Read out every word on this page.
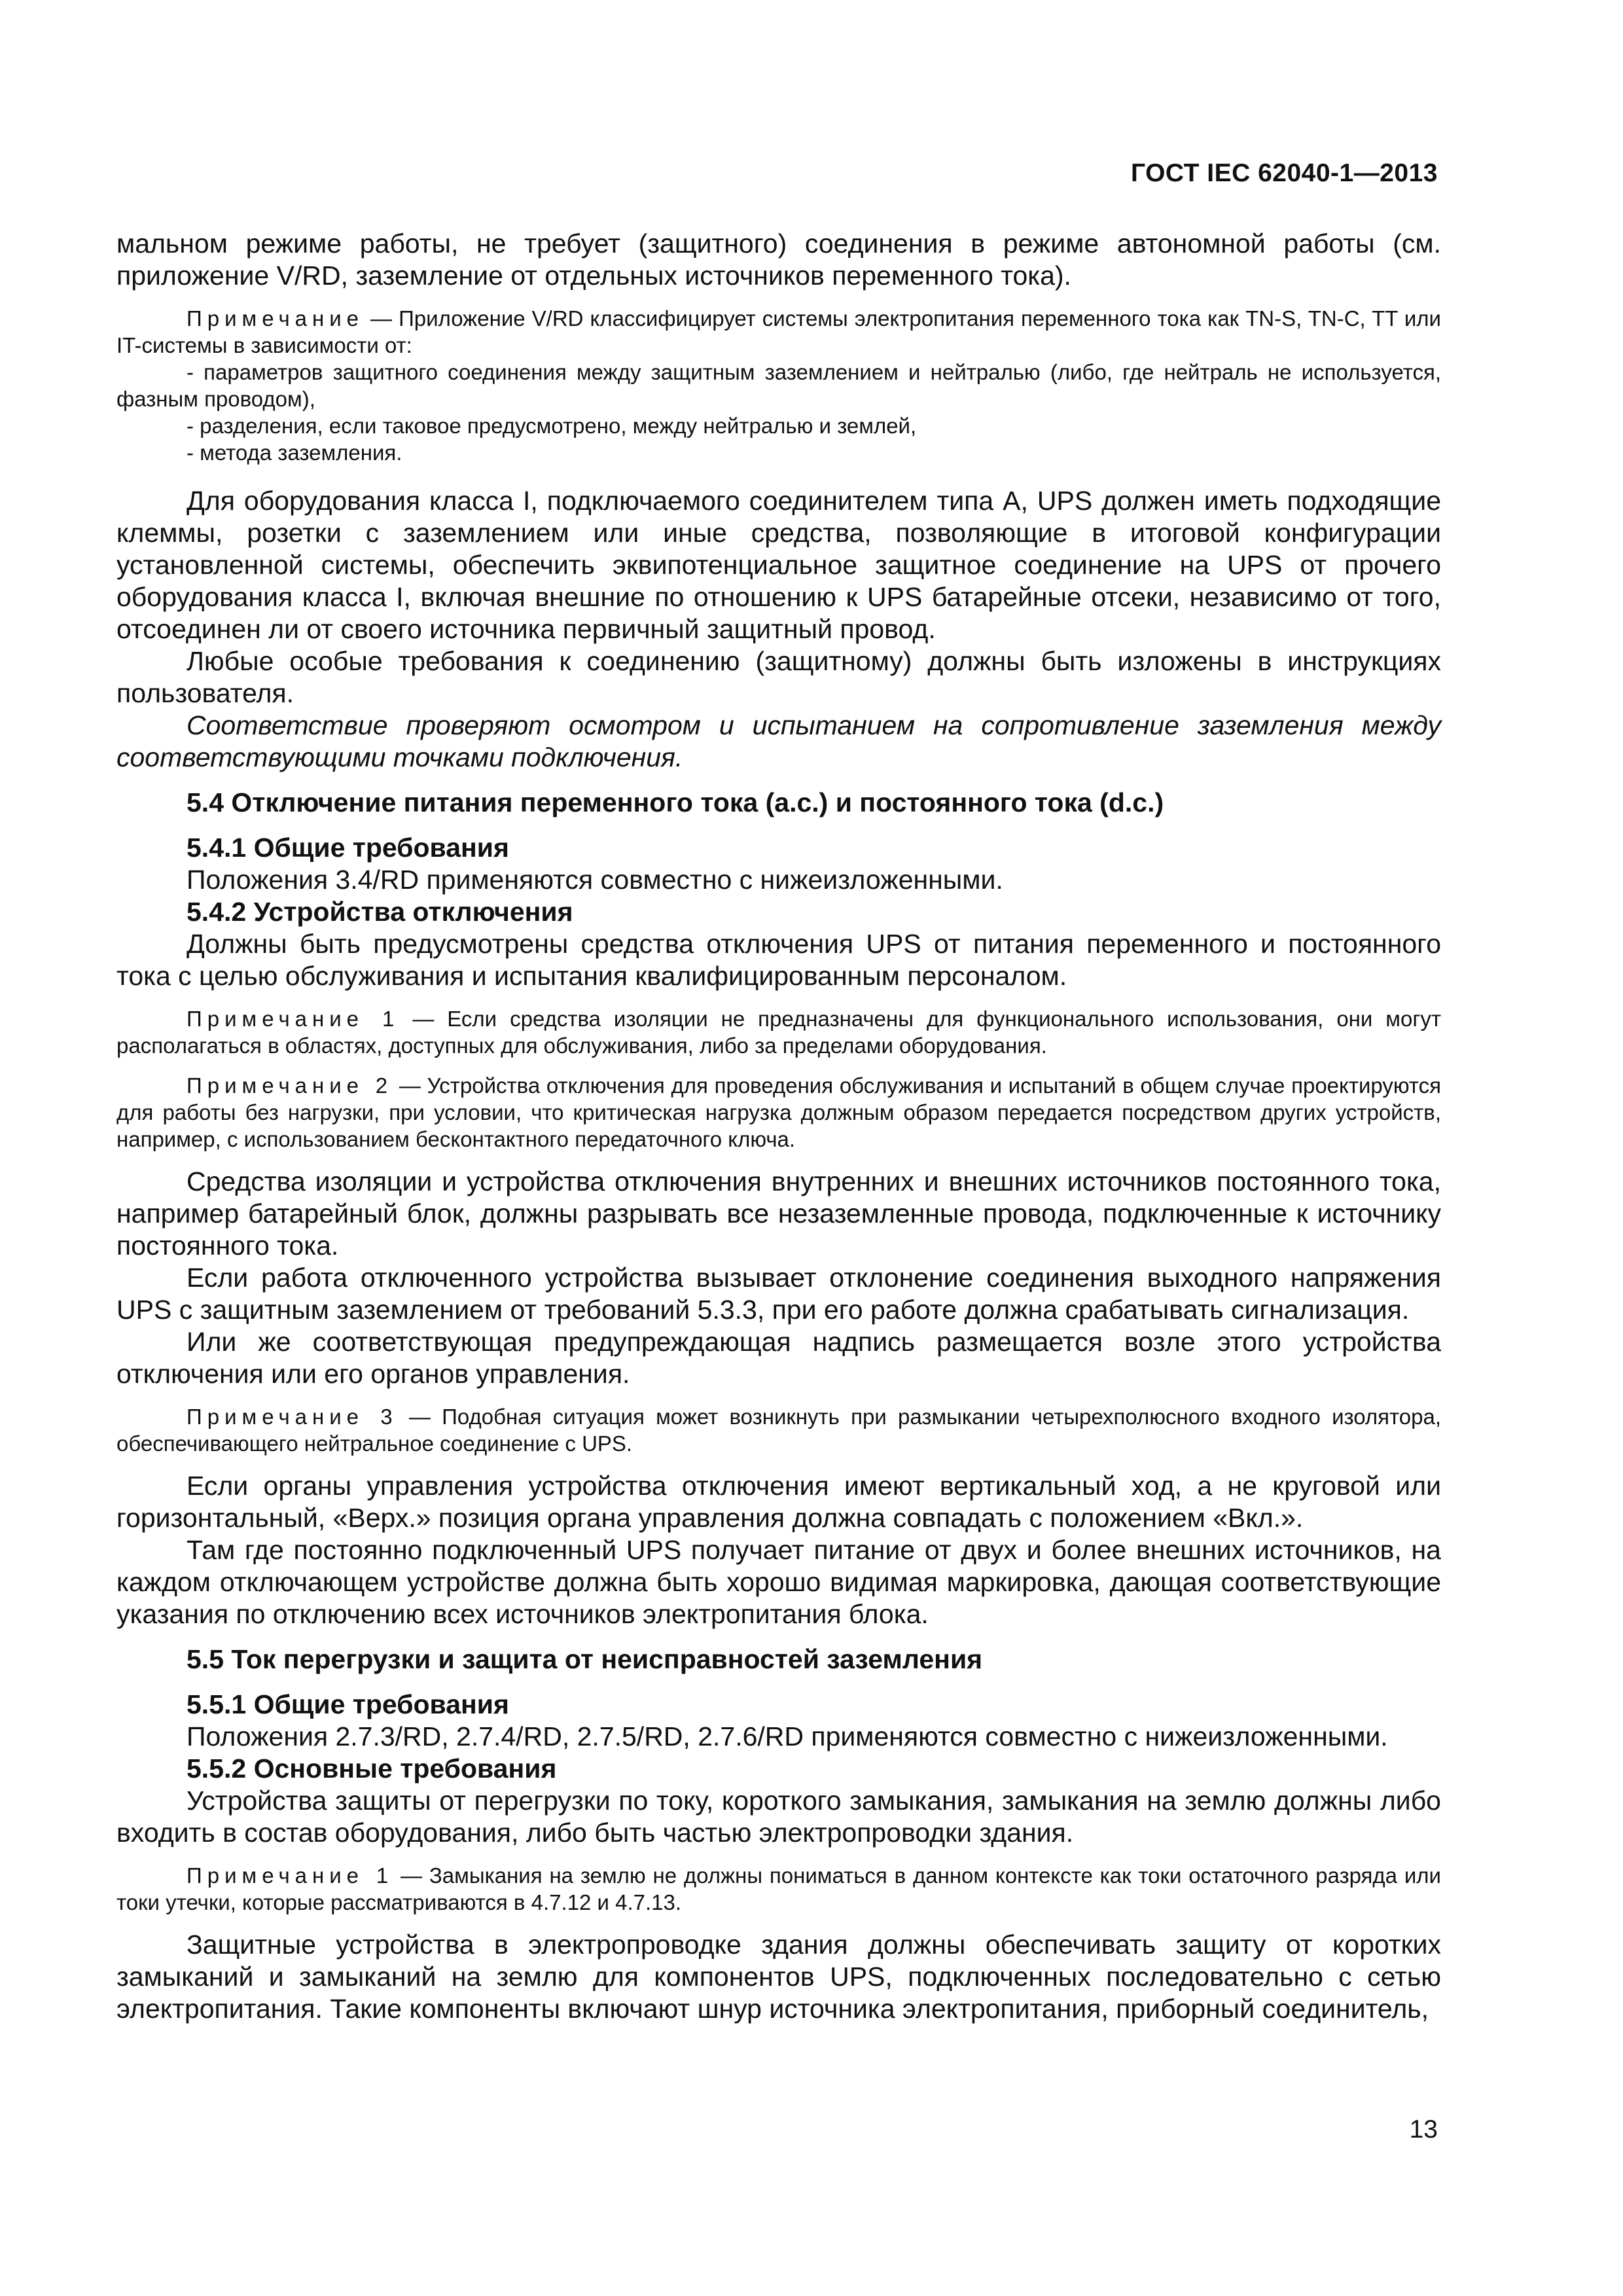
ГОСТ IEC 62040-1—2013

мальном режиме работы, не требует (защитного) соединения в режиме автономной работы (см. приложение V/RD, заземление от отдельных источников переменного тока).

Примечание — Приложение V/RD классифицирует системы электропитания переменного тока как TN-S, TN-C, TT или IT-системы в зависимости от:

- параметров защитного соединения между защитным заземлением и нейтралью (либо, где нейтраль не используется, фазным проводом),

- разделения, если таковое предусмотрено, между нейтралью и землей,

- метода заземления.

Для оборудования класса I, подключаемого соединителем типа A, UPS должен иметь подходящие клеммы, розетки с заземлением или иные средства, позволяющие в итоговой конфигурации установленной системы, обеспечить эквипотенциальное защитное соединение на UPS от прочего оборудования класса I, включая внешние по отношению к UPS батарейные отсеки, независимо от того, отсоединен ли от своего источника первичный защитный провод.

Любые особые требования к соединению (защитному) должны быть изложены в инструкциях пользователя.

Соответствие проверяют осмотром и испытанием на сопротивление заземления между соответствующими точками подключения.

5.4 Отключение питания переменного тока (a.c.) и постоянного тока (d.c.)

5.4.1 Общие требования

Положения 3.4/RD применяются совместно с нижеизложенными.

5.4.2 Устройства отключения

Должны быть предусмотрены средства отключения UPS от питания переменного и постоянного тока с целью обслуживания и испытания квалифицированным персоналом.

Примечание 1 — Если средства изоляции не предназначены для функционального использования, они могут располагаться в областях, доступных для обслуживания, либо за пределами оборудования.

Примечание 2 — Устройства отключения для проведения обслуживания и испытаний в общем случае проектируются для работы без нагрузки, при условии, что критическая нагрузка должным образом передается посредством других устройств, например, с использованием бесконтактного передаточного ключа.

Средства изоляции и устройства отключения внутренних и внешних источников постоянного тока, например батарейный блок, должны разрывать все незаземленные провода, подключенные к источнику постоянного тока.

Если работа отключенного устройства вызывает отклонение соединения выходного напряжения UPS с защитным заземлением от требований 5.3.3, при его работе должна срабатывать сигнализация.

Или же соответствующая предупреждающая надпись размещается возле этого устройства отключения или его органов управления.

Примечание 3 — Подобная ситуация может возникнуть при размыкании четырехполюсного входного изолятора, обеспечивающего нейтральное соединение с UPS.

Если органы управления устройства отключения имеют вертикальный ход, а не круговой или горизонтальный, «Верх.» позиция органа управления должна совпадать с положением «Вкл.».

Там где постоянно подключенный UPS получает питание от двух и более внешних источников, на каждом отключающем устройстве должна быть хорошо видимая маркировка, дающая соответствующие указания по отключению всех источников электропитания блока.

5.5 Ток перегрузки и защита от неисправностей заземления

5.5.1 Общие требования

Положения 2.7.3/RD, 2.7.4/RD, 2.7.5/RD, 2.7.6/RD применяются совместно с нижеизложенными.

5.5.2 Основные требования

Устройства защиты от перегрузки по току, короткого замыкания, замыкания на землю должны либо входить в состав оборудования, либо быть частью электропроводки здания.

Примечание 1 — Замыкания на землю не должны пониматься в данном контексте как токи остаточного разряда или токи утечки, которые рассматриваются в 4.7.12 и 4.7.13.

Защитные устройства в электропроводке здания должны обеспечивать защиту от коротких замыканий и замыканий на землю для компонентов UPS, подключенных последовательно с сетью электропитания. Такие компоненты включают шнур источника электропитания, приборный соединитель,

13
